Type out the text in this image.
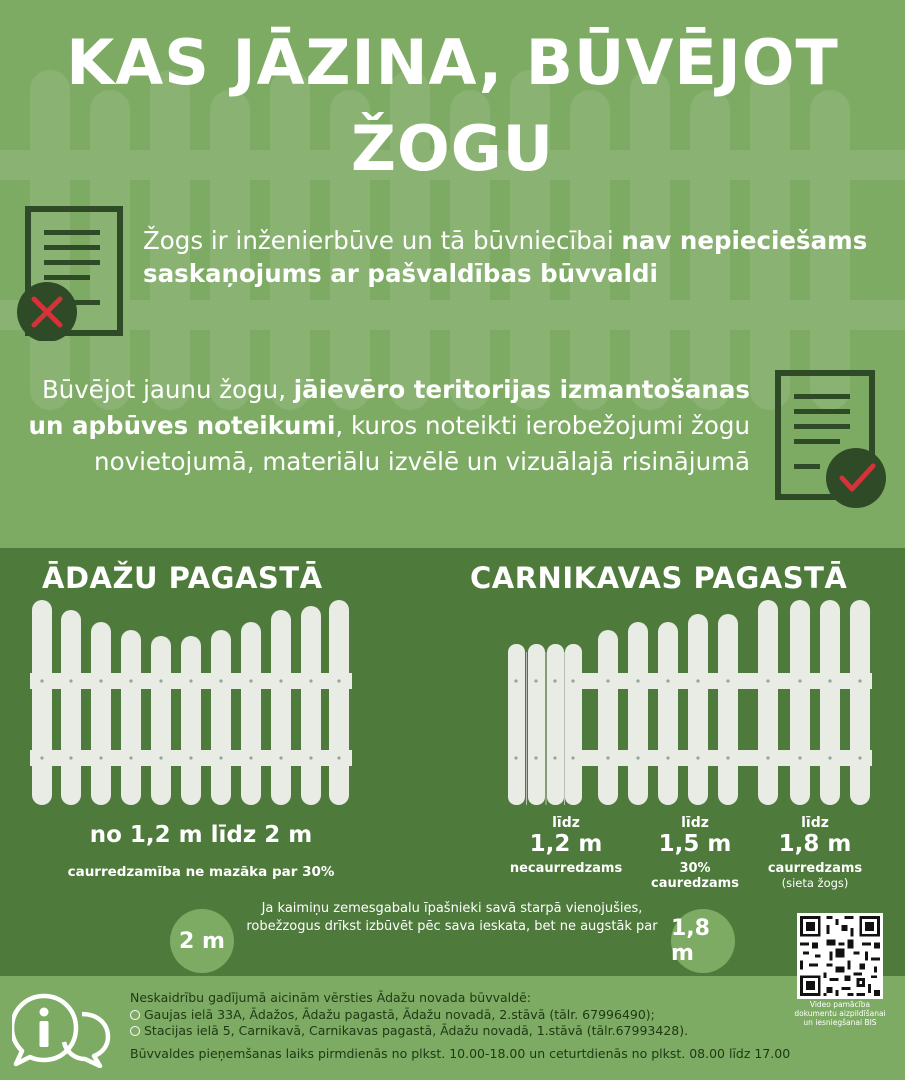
KAS JĀZINA, BŪVĒJOT
ŽOGU

Žogs ir inženierbūve un tā būvniecībai nav nepieciešams saskaņojums ar pašvaldības būvvaldi

Būvējot jaunu žogu, jāievēro teritorijas izmantošanas un apbūves noteikumi, kuros noteikti ierobežojumi žogu novietojumā, materiālu izvēlē un vizuālajā risinājumā

ĀDAŽU PAGASTĀ	CARNIKAVAS PAGASTĀ

no 1,2 m līdz 2 m

caurredzamība ne mazāka par 30%

līdz
1,2 m
necaurredzams
līdz
1,5 m
30% cauredzams
līdz
1,8 m
caurredzams
(sieta žogs)
2 m

Ja kaimiņu zemesgabalu īpašnieki savā starpā vienojušies, robežzogus drīkst izbūvēt pēc sava ieskata, bet ne augstāk par 1,8 m

Video pamācība dokumentu aizpildīšanai un iesniegšanai BIS

Neskaidrību gadījumā aicinām vērsties Ādažu novada būvvaldē:
Gaujas ielā 33A, Ādažos, Ādažu pagastā, Ādažu novadā, 2.stāvā (tālr. 67996490);
Stacijas ielā 5, Carnikavā, Carnikavas pagastā, Ādažu novadā, 1.stāvā (tālr.67993428).
Būvvaldes pieņemšanas laiks pirmdienās no plkst. 10.00-18.00 un ceturtdienās no plkst. 08.00 līdz 17.00
